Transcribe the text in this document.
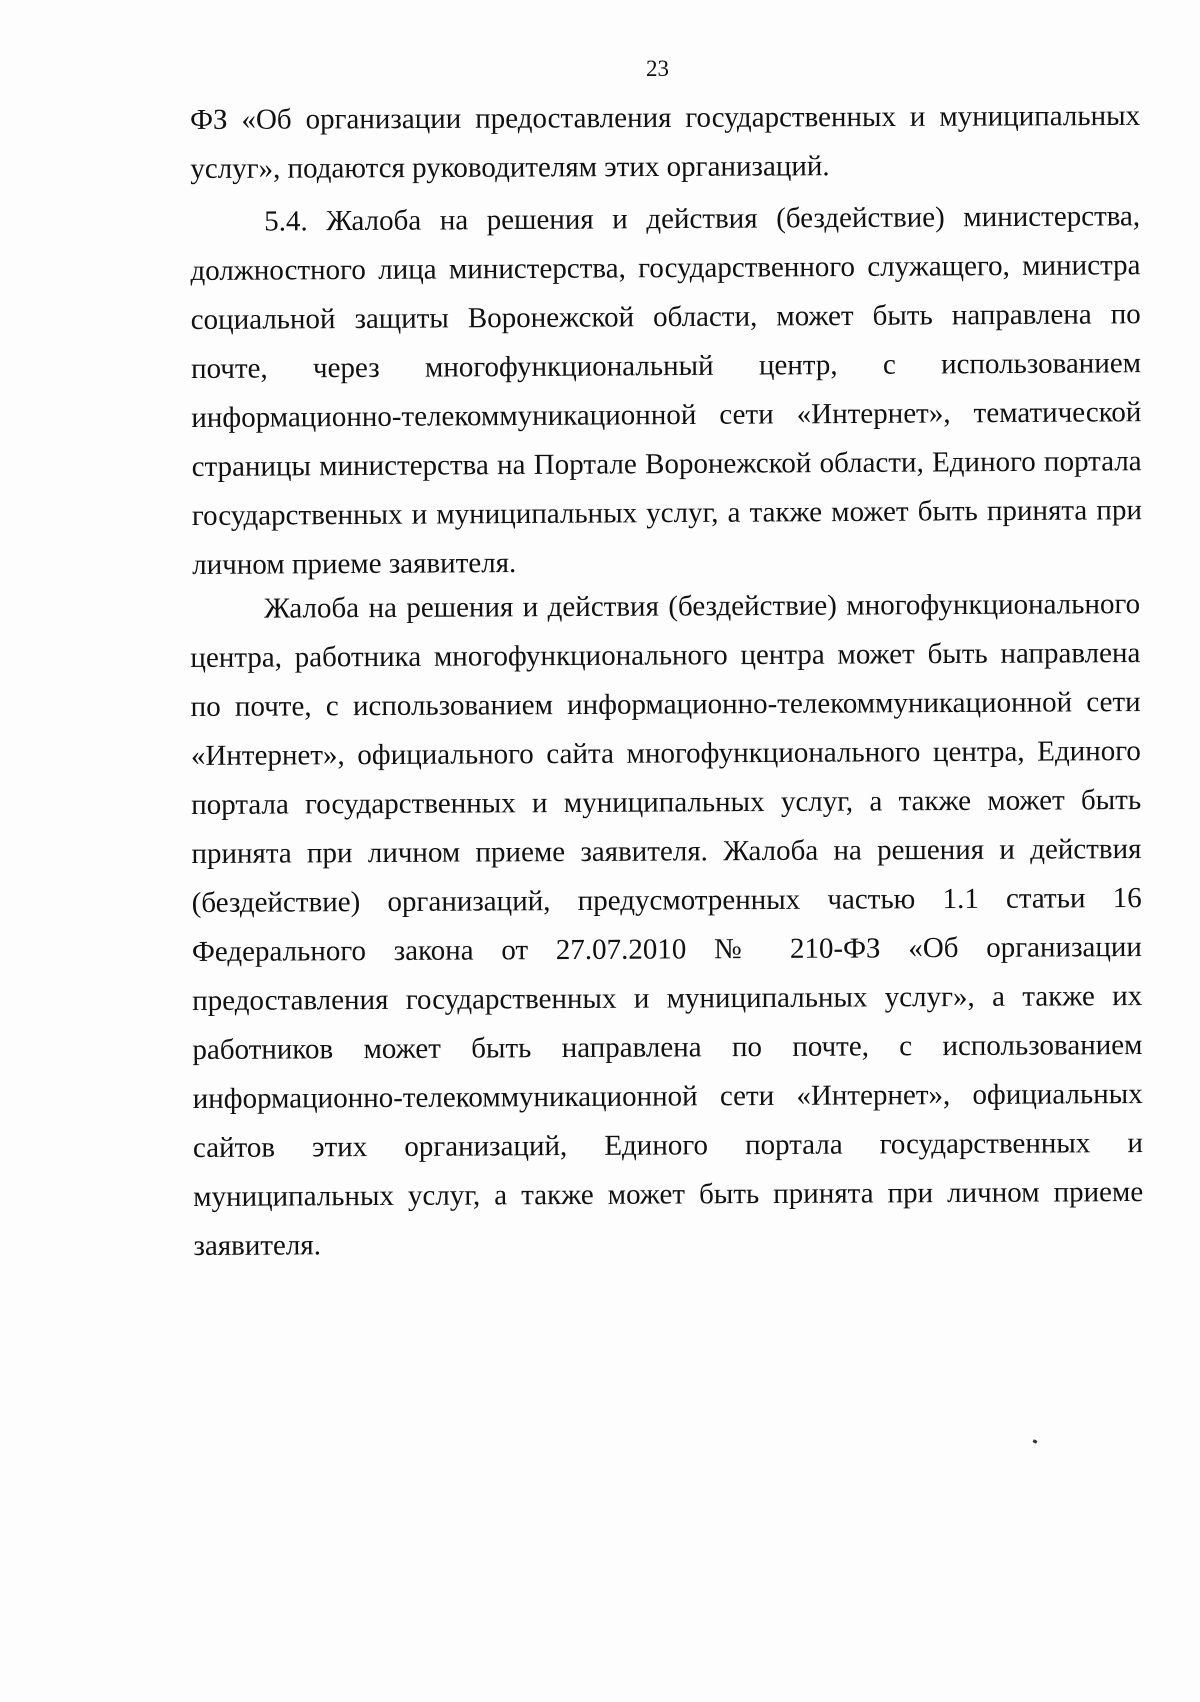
23

ФЗ «Об организации предоставления государственных и муниципальных услуг», подаются руководителям этих организаций.

5.4. Жалоба на решения и действия (бездействие) министерства, должностного лица министерства, государственного служащего, министра социальной защиты Воронежской области, может быть направлена по почте, через многофункциональный центр, с использованием информационно-телекоммуникационной сети «Интернет», тематической страницы министерства на Портале Воронежской области, Единого портала государственных и муниципальных услуг, а также может быть принята при личном приеме заявителя.

Жалоба на решения и действия (бездействие) многофункционального центра, работника многофункционального центра может быть направлена по почте, с использованием информационно-телекоммуникационной сети «Интернет», официального сайта многофункционального центра, Единого портала государственных и муниципальных услуг, а также может быть принята при личном приеме заявителя. Жалоба на решения и действия (бездействие) организаций, предусмотренных частью 1.1 статьи 16 Федерального закона от 27.07.2010 № 210-ФЗ «Об организации предоставления государственных и муниципальных услуг», а также их работников может быть направлена по почте, с использованием информационно-телекоммуникационной сети «Интернет», официальных сайтов этих организаций, Единого портала государственных и муниципальных услуг, а также может быть принята при личном приеме заявителя.
